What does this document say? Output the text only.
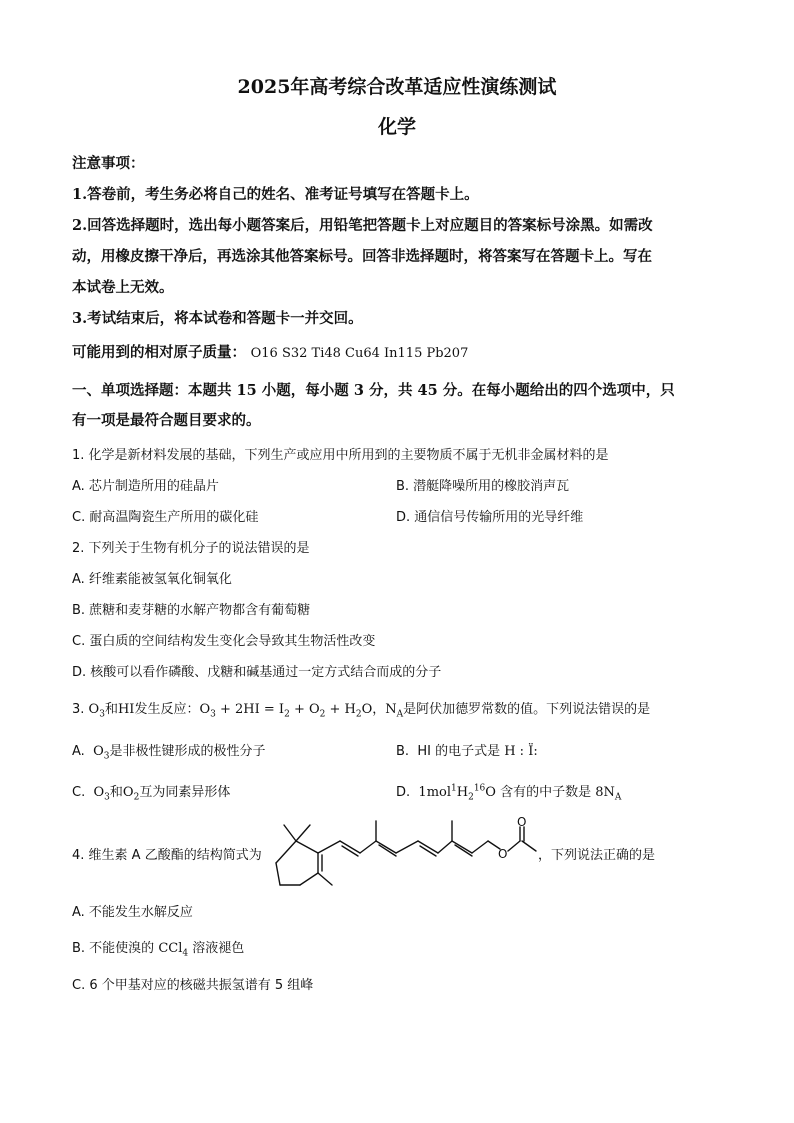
2025年高考综合改革适应性演练测试
化学
注意事项：
1.答卷前，考生务必将自己的姓名、准考证号填写在答题卡上。
2.回答选择题时，选出每小题答案后，用铅笔把答题卡上对应题目的答案标号涂黑。如需改
动，用橡皮擦干净后，再选涂其他答案标号。回答非选择题时，将答案写在答题卡上。写在
本试卷上无效。
3.考试结束后，将本试卷和答题卡一并交回。
可能用到的相对原子质量： O16 S32 Ti48 Cu64 In115 Pb207
一、单项选择题：本题共 15 小题，每小题 3 分，共 45 分。在每小题给出的四个选项中，只
有一项是最符合题目要求的。
1. 化学是新材料发展的基础，下列生产或应用中所用到的主要物质不属于无机非金属材料的是
A. 芯片制造所用的硅晶片	B. 潜艇降噪所用的橡胶消声瓦
C. 耐高温陶瓷生产所用的碳化硅	D. 通信信号传输所用的光导纤维
2. 下列关于生物有机分子的说法错误的是
A. 纤维素能被氢氧化铜氧化
B. 蔗糖和麦芽糖的水解产物都含有葡萄糖
C. 蛋白质的空间结构发生变化会导致其生物活性改变
D. 核酸可以看作磷酸、戊糖和碱基通过一定方式结合而成的分子
3. $O_3$和HI发生反应：$O_3 + 2HI = I_2 + O_2 + H_2O$，$N_A$是阿伏加德罗常数的值。下列说法错误的是
A. $O_3$是非极性键形成的极性分子	B. HI 的电子式是 H : Ï:
C. $O_3$和$O_2$互为同素异形体	D. $1mol^1H_2^{16}O$ 含有的中子数是 $8N_A$
4. 维生素 A 乙酸酯的结构简式为	O
O
，下列说法正确的是
A. 不能发生水解反应
B. 不能使溴的 CCl$_4$ 溶液褪色
C. 6 个甲基对应的核磁共振氢谱有 5 组峰
